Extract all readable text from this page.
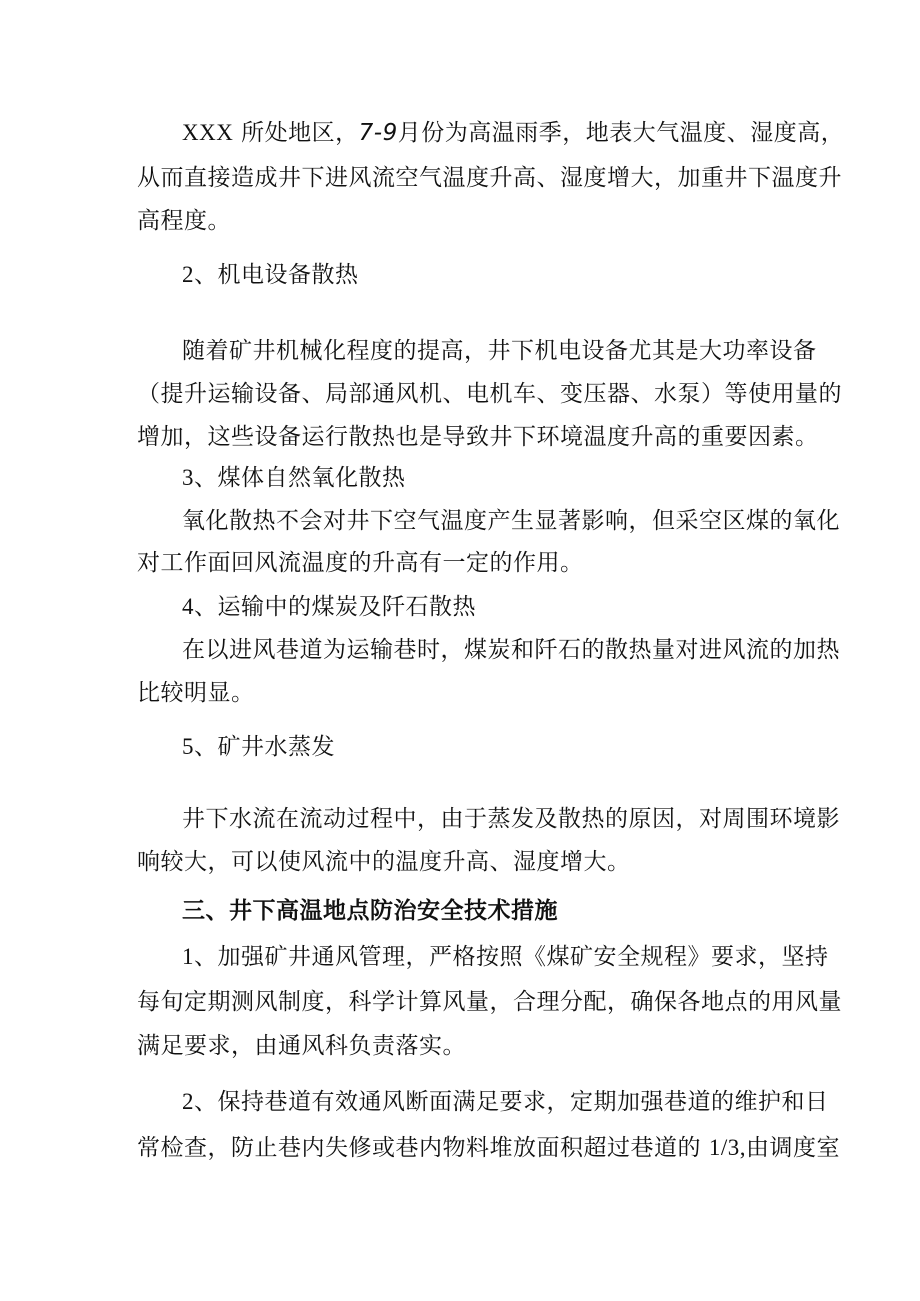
XXX 所处地区，7-9月份为高温雨季，地表大气温度、湿度高，
从而直接造成井下进风流空气温度升高、湿度增大，加重井下温度升
高程度。
2、机电设备散热
随着矿井机械化程度的提高，井下机电设备尤其是大功率设备
（提升运输设备、局部通风机、电机车、变压器、水泵）等使用量的
增加，这些设备运行散热也是导致井下环境温度升高的重要因素。
3、煤体自然氧化散热
氧化散热不会对井下空气温度产生显著影响，但采空区煤的氧化
对工作面回风流温度的升高有一定的作用。
4、运输中的煤炭及阡石散热
在以进风巷道为运输巷时，煤炭和阡石的散热量对进风流的加热
比较明显。
5、矿井水蒸发
井下水流在流动过程中，由于蒸发及散热的原因，对周围环境影
响较大，可以使风流中的温度升高、湿度增大。
三、井下高温地点防治安全技术措施
1、加强矿井通风管理，严格按照《煤矿安全规程》要求，坚持
每旬定期测风制度，科学计算风量，合理分配，确保各地点的用风量
满足要求，由通风科负责落实。
2、保持巷道有效通风断面满足要求，定期加强巷道的维护和日
常检查，防止巷内失修或巷内物料堆放面积超过巷道的 1/3,由调度室
